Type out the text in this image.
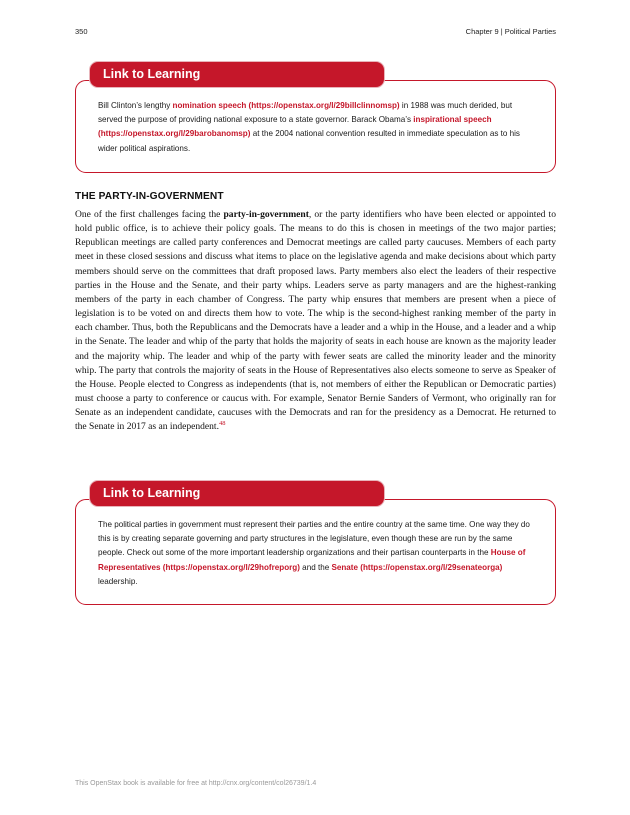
350	Chapter 9 | Political Parties
Link to Learning
Bill Clinton’s lengthy nomination speech (https://openstax.org/l/29billclinnomsp) in 1988 was much derided, but served the purpose of providing national exposure to a state governor. Barack Obama’s inspirational speech (https://openstax.org/l/29barobanomsp) at the 2004 national convention resulted in immediate speculation as to his wider political aspirations.
THE PARTY-IN-GOVERNMENT
One of the first challenges facing the party-in-government, or the party identifiers who have been elected or appointed to hold public office, is to achieve their policy goals. The means to do this is chosen in meetings of the two major parties; Republican meetings are called party conferences and Democrat meetings are called party caucuses. Members of each party meet in these closed sessions and discuss what items to place on the legislative agenda and make decisions about which party members should serve on the committees that draft proposed laws. Party members also elect the leaders of their respective parties in the House and the Senate, and their party whips. Leaders serve as party managers and are the highest-ranking members of the party in each chamber of Congress. The party whip ensures that members are present when a piece of legislation is to be voted on and directs them how to vote. The whip is the second-highest ranking member of the party in each chamber. Thus, both the Republicans and the Democrats have a leader and a whip in the House, and a leader and a whip in the Senate. The leader and whip of the party that holds the majority of seats in each house are known as the majority leader and the majority whip. The leader and whip of the party with fewer seats are called the minority leader and the minority whip. The party that controls the majority of seats in the House of Representatives also elects someone to serve as Speaker of the House. People elected to Congress as independents (that is, not members of either the Republican or Democratic parties) must choose a party to conference or caucus with. For example, Senator Bernie Sanders of Vermont, who originally ran for Senate as an independent candidate, caucuses with the Democrats and ran for the presidency as a Democrat. He returned to the Senate in 2017 as an independent.$^{48}$
Link to Learning
The political parties in government must represent their parties and the entire country at the same time. One way they do this is by creating separate governing and party structures in the legislature, even though these are run by the same people. Check out some of the more important leadership organizations and their partisan counterparts in the House of Representatives (https://openstax.org/l/29hofreporg) and the Senate (https://openstax.org/l/29senateorga) leadership.
This OpenStax book is available for free at http://cnx.org/content/col26739/1.4
